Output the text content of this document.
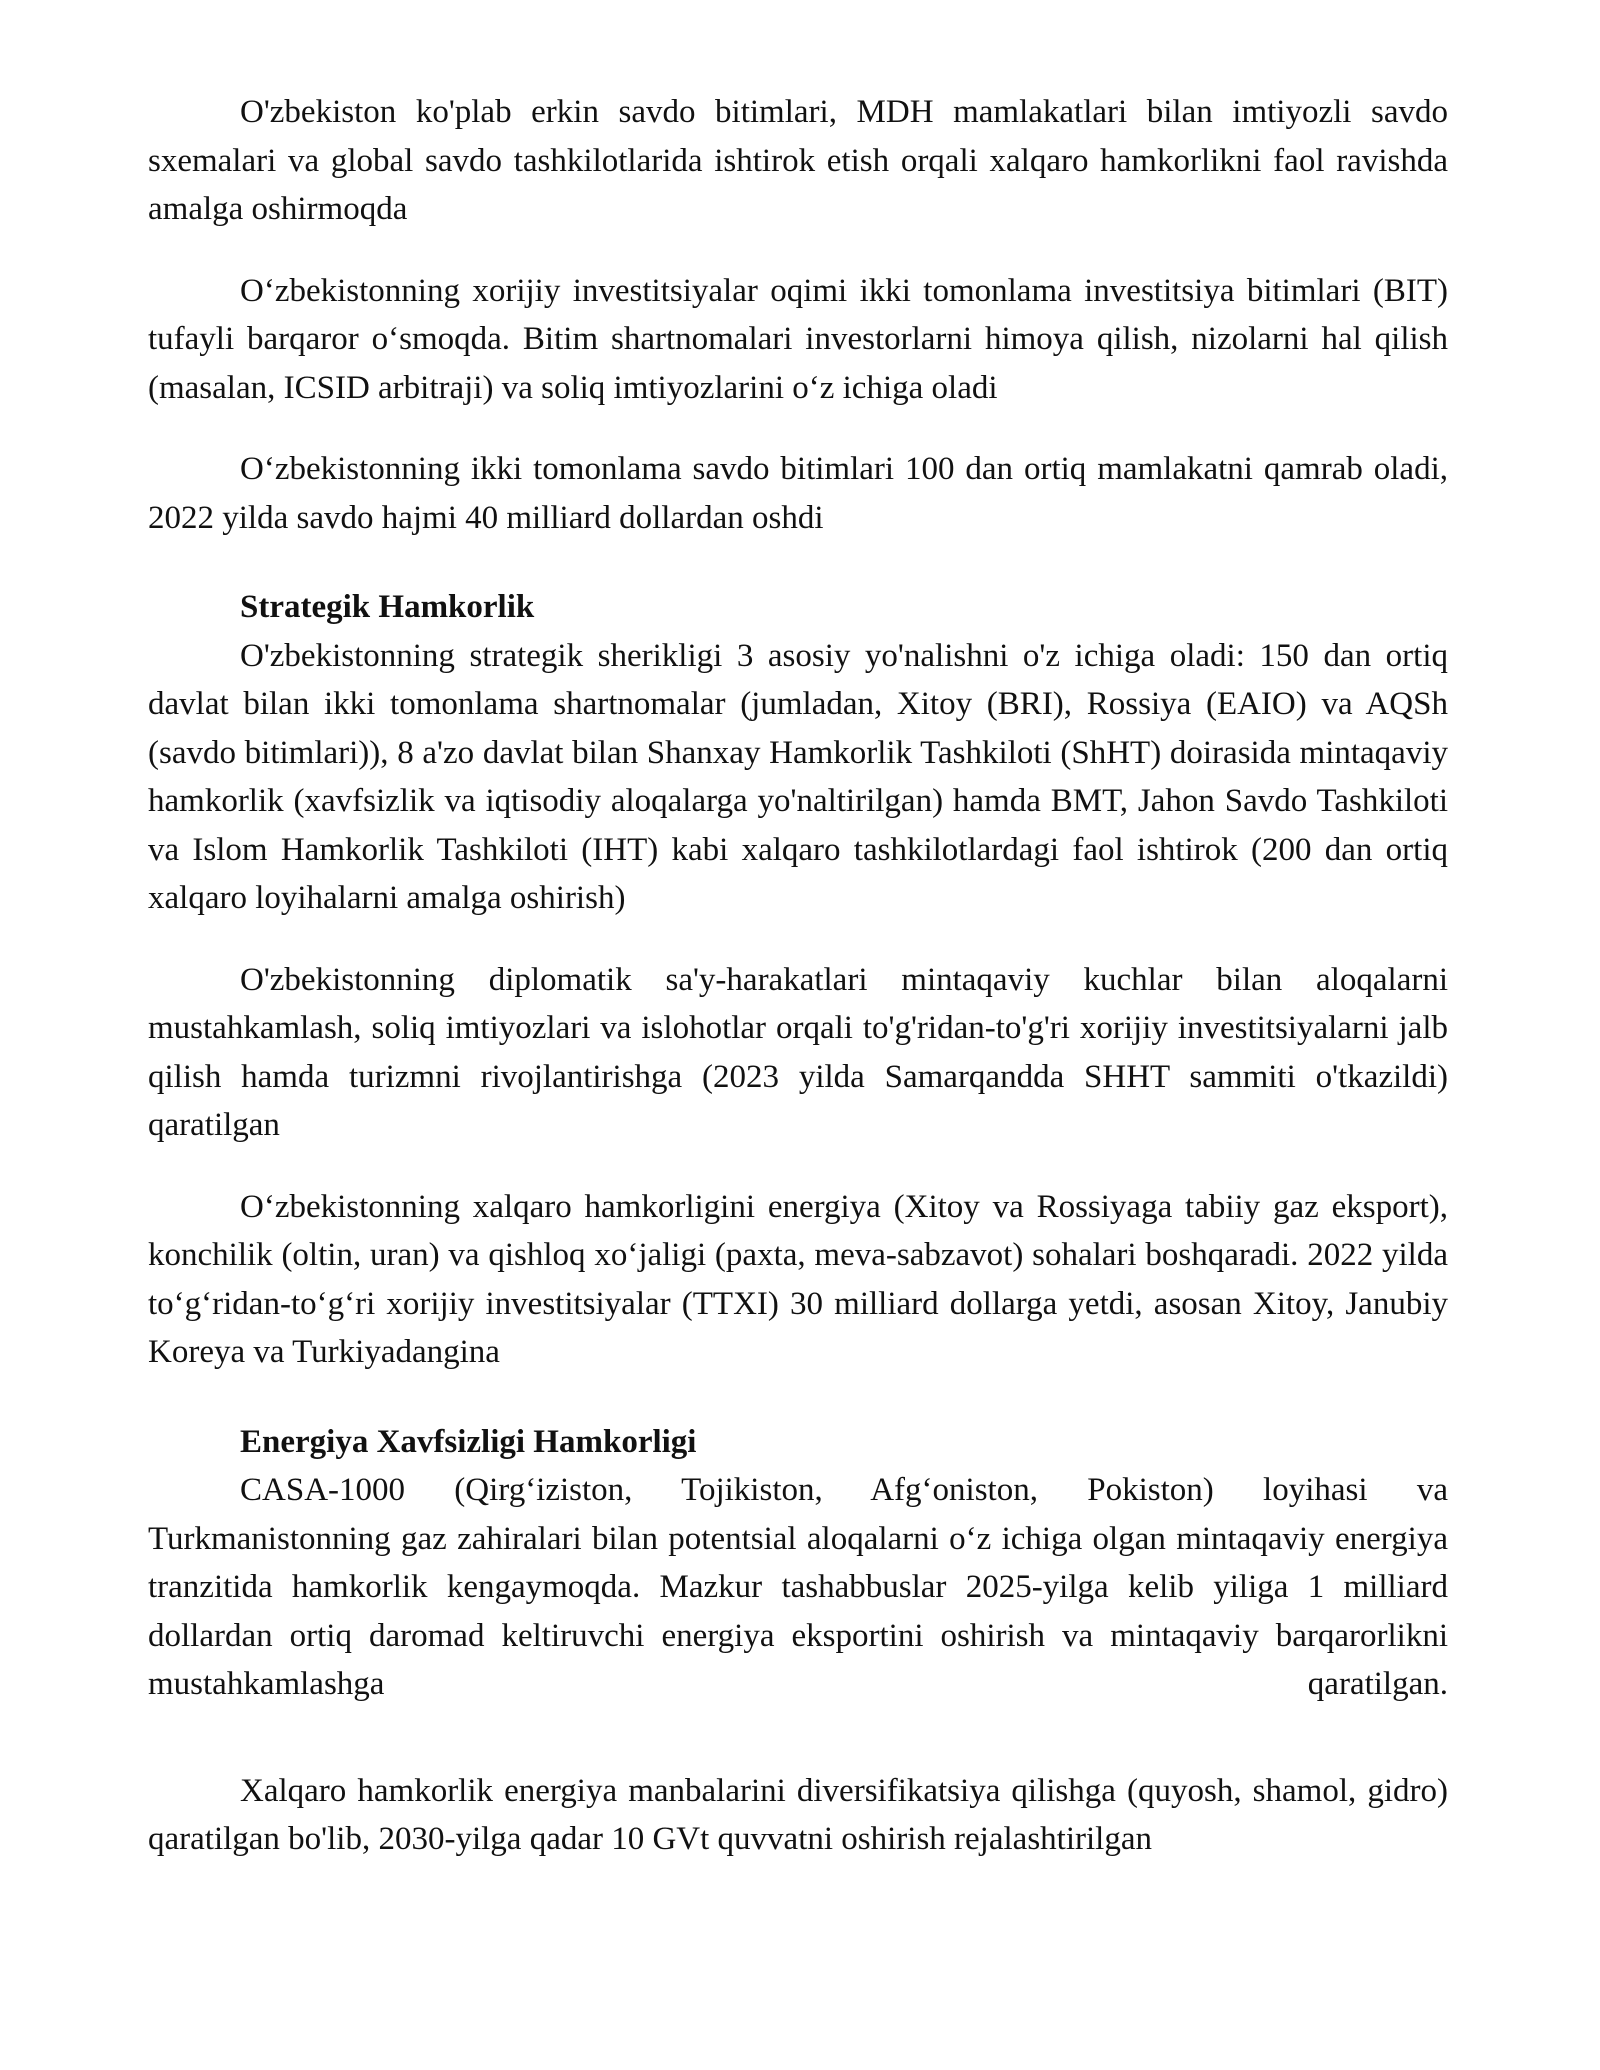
O'zbekiston ko'plab erkin savdo bitimlari, MDH mamlakatlari bilan imtiyozli savdo sxemalari va global savdo tashkilotlarida ishtirok etish orqali xalqaro hamkorlikni faol ravishda amalga oshirmoqda

O‘zbekistonning xorijiy investitsiyalar oqimi ikki tomonlama investitsiya bitimlari (BIT) tufayli barqaror o‘smoqda. Bitim shartnomalari investorlarni himoya qilish, nizolarni hal qilish (masalan, ICSID arbitraji) va soliq imtiyozlarini o‘z ichiga oladi

O‘zbekistonning ikki tomonlama savdo bitimlari 100 dan ortiq mamlakatni qamrab oladi, 2022 yilda savdo hajmi 40 milliard dollardan oshdi

Strategik Hamkorlik

O'zbekistonning strategik sherikligi 3 asosiy yo'nalishni o'z ichiga oladi: 150 dan ortiq davlat bilan ikki tomonlama shartnomalar (jumladan, Xitoy (BRI), Rossiya (EAIO) va AQSh (savdo bitimlari)), 8 a'zo davlat bilan Shanxay Hamkorlik Tashkiloti (ShHT) doirasida mintaqaviy hamkorlik (xavfsizlik va iqtisodiy aloqalarga yo'naltirilgan) hamda BMT, Jahon Savdo Tashkiloti va Islom Hamkorlik Tashkiloti (IHT) kabi xalqaro tashkilotlardagi faol ishtirok (200 dan ortiq xalqaro loyihalarni amalga oshirish)

O'zbekistonning diplomatik sa'y-harakatlari mintaqaviy kuchlar bilan aloqalarni mustahkamlash, soliq imtiyozlari va islohotlar orqali to'g'ridan-to'g'ri xorijiy investitsiyalarni jalb qilish hamda turizmni rivojlantirishga (2023 yilda Samarqandda SHHT sammiti o'tkazildi) qaratilgan

O‘zbekistonning xalqaro hamkorligini energiya (Xitoy va Rossiyaga tabiiy gaz eksport), konchilik (oltin, uran) va qishloq xo‘jaligi (paxta, meva-sabzavot) sohalari boshqaradi. 2022 yilda to‘g‘ridan-to‘g‘ri xorijiy investitsiyalar (TTXI) 30 milliard dollarga yetdi, asosan Xitoy, Janubiy Koreya va Turkiyadangina

Energiya Xavfsizligi Hamkorligi

CASA-1000 (Qirg‘iziston, Tojikiston, Afg‘oniston, Pokiston) loyihasi va Turkmanistonning gaz zahiralari bilan potentsial aloqalarni o‘z ichiga olgan mintaqaviy energiya tranzitida hamkorlik kengaymoqda. Mazkur tashabbuslar 2025-yilga kelib yiliga 1 milliard dollardan ortiq daromad keltiruvchi energiya eksportini oshirish va mintaqaviy barqarorlikni mustahkamlashga qaratilgan.

Xalqaro hamkorlik energiya manbalarini diversifikatsiya qilishga (quyosh, shamol, gidro) qaratilgan bo'lib, 2030-yilga qadar 10 GVt quvvatni oshirish rejalashtirilgan
